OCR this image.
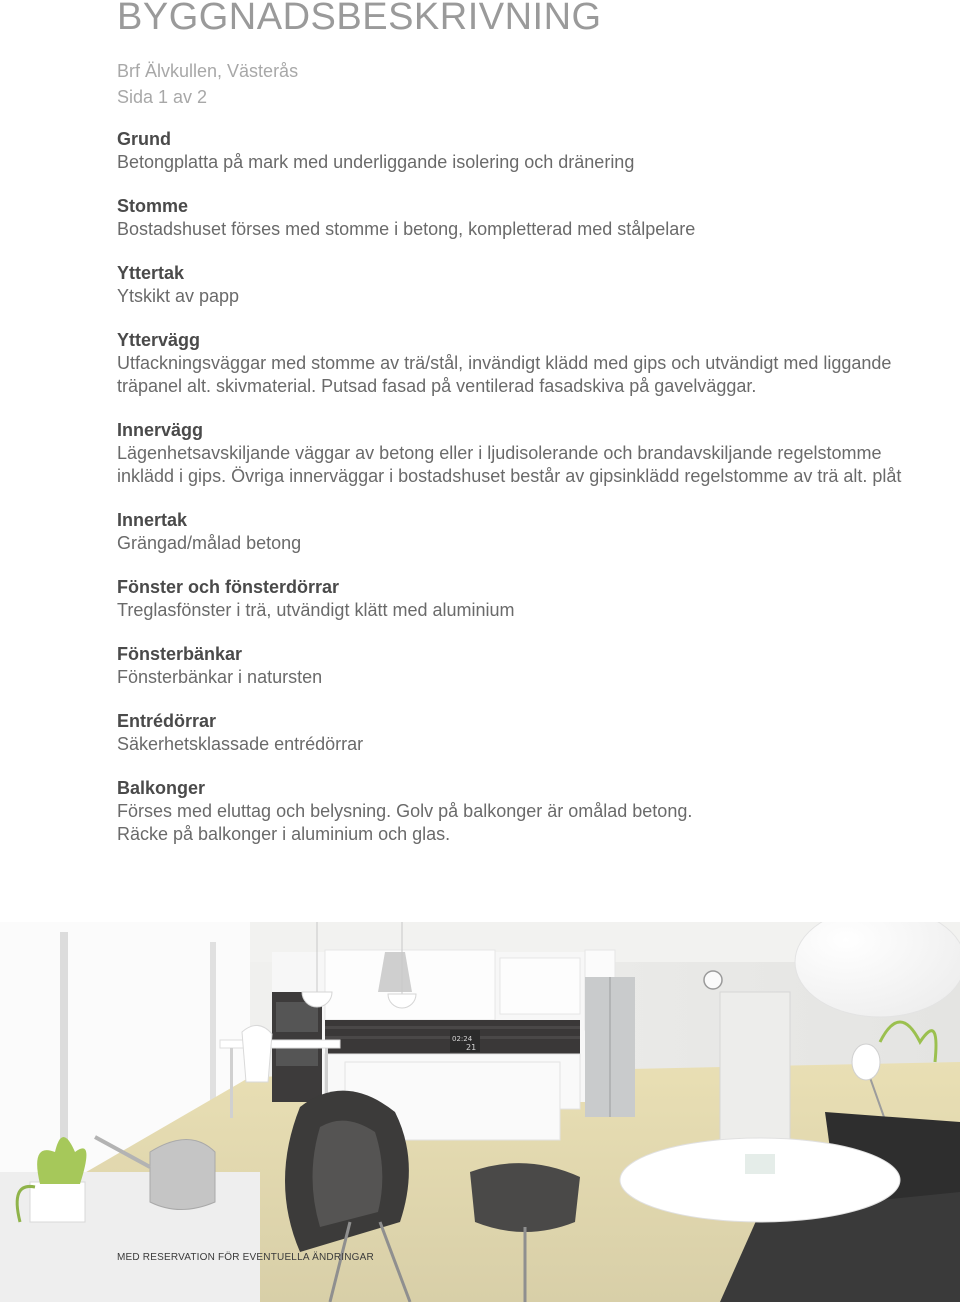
BYGGNADSBESKRIVNING
Brf Älvkullen, Västerås
Sida 1 av 2
Grund

Betongplatta på mark med underliggande isolering och dränering

Stomme

Bostadshuset förses med stomme i betong, kompletterad med stålpelare

Yttertak

Ytskikt av papp

Yttervägg

Utfackningsväggar med stomme av trä/stål, invändigt klädd med gips och utvändigt med liggande

träpanel alt. skivmaterial. Putsad fasad på ventilerad fasadskiva på gavelväggar.

Innervägg

Lägenhetsavskiljande väggar av betong eller i ljudisolerande och brandavskiljande regelstomme

inklädd i gips. Övriga innerväggar i bostadshuset består av gipsinklädd regelstomme av trä alt. plåt

Innertak

Grängad/målad betong

Fönster och fönsterdörrar

Treglasfönster i trä, utvändigt klätt med aluminium

Fönsterbänkar

Fönsterbänkar i natursten

Entrédörrar

Säkerhetsklassade entrédörrar

Balkonger

Förses med eluttag och belysning. Golv på balkonger är omålad betong.

Räcke på balkonger i aluminium och glas.

02:24
21
MED RESERVATION FÖR EVENTUELLA ÄNDRINGAR
